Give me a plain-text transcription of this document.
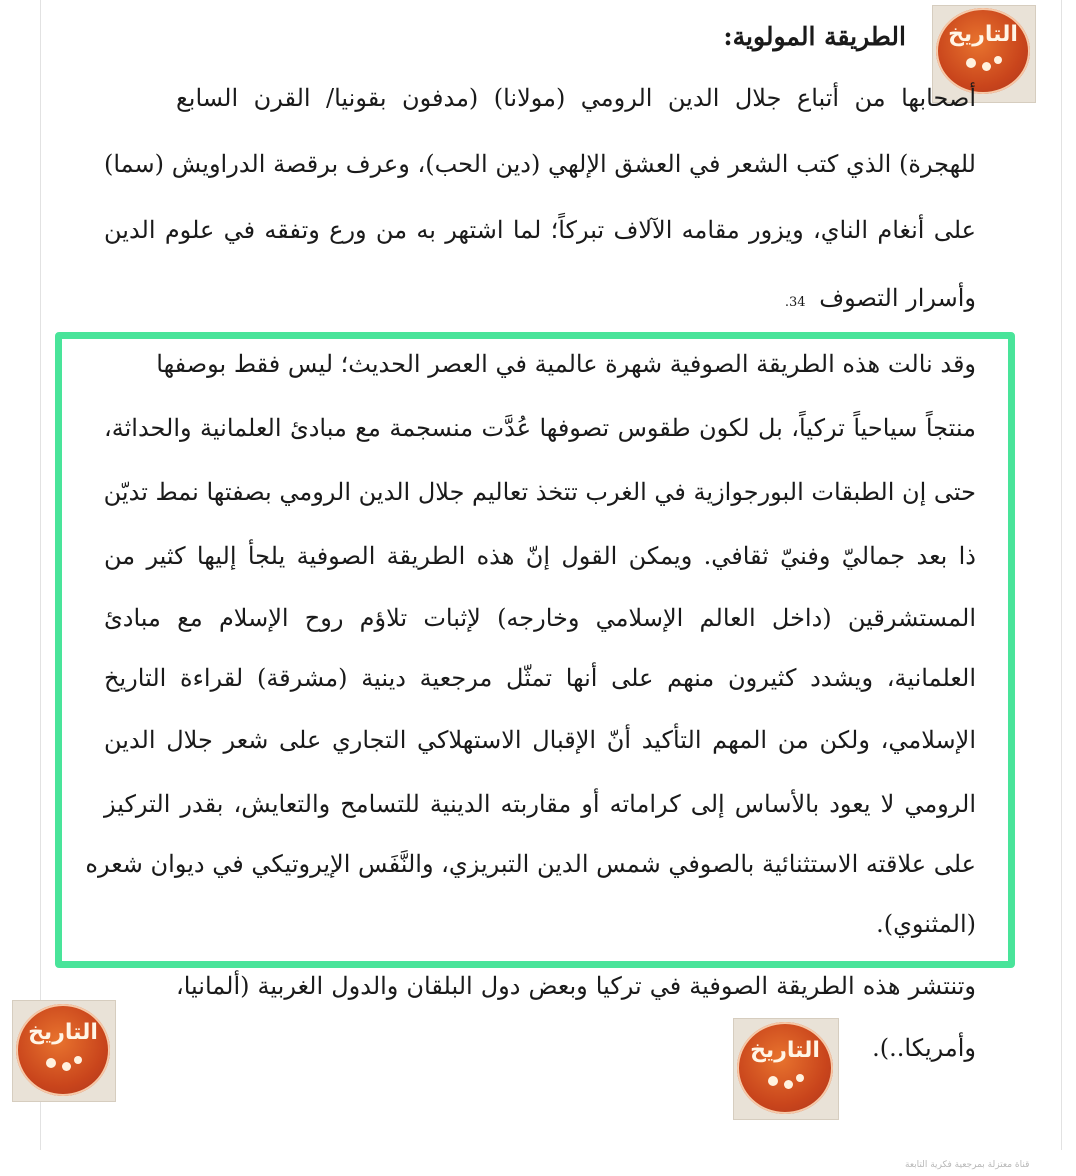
التاريخ
الطريقة المولوية:
أصحابها من أتباع جلال الدين الرومي (مولانا) (مدفون بقونيا/ القرن السابع
للهجرة) الذي كتب الشعر في العشق الإلهي (دين الحب)، وعرف برقصة الدراويش (سما)
على أنغام الناي، ويزور مقامه الآلاف تبركاً؛ لما اشتهر به من ورع وتفقه في علوم الدين
وأسرار التصوف 34.
وقد نالت هذه الطريقة الصوفية شهرة عالمية في العصر الحديث؛ ليس فقط بوصفها
منتجاً سياحياً تركياً، بل لكون طقوس تصوفها عُدَّت منسجمة مع مبادئ العلمانية والحداثة،
حتى إن الطبقات البورجوازية في الغرب تتخذ تعاليم جلال الدين الرومي بصفتها نمط تديّن
ذا بعد جماليّ وفنيّ ثقافي. ويمكن القول إنّ هذه الطريقة الصوفية يلجأ إليها كثير من
المستشرقين (داخل العالم الإسلامي وخارجه) لإثبات تلاؤم روح الإسلام مع مبادئ
العلمانية، ويشدد كثيرون منهم على أنها تمثّل مرجعية دينية (مشرقة) لقراءة التاريخ
الإسلامي، ولكن من المهم التأكيد أنّ الإقبال الاستهلاكي التجاري على شعر جلال الدين
الرومي لا يعود بالأساس إلى كراماته أو مقاربته الدينية للتسامح والتعايش، بقدر التركيز
على علاقته الاستثنائية بالصوفي شمس الدين التبريزي، والنَّفَس الإيروتيكي في ديوان شعره
(المثنوي).
وتنتشر هذه الطريقة الصوفية في تركيا وبعض دول البلقان والدول الغربية (ألمانيا،
وأمريكا..).
التاريخ
التاريخ
قناة معتزلة بمرجعية فكرية التابعة
